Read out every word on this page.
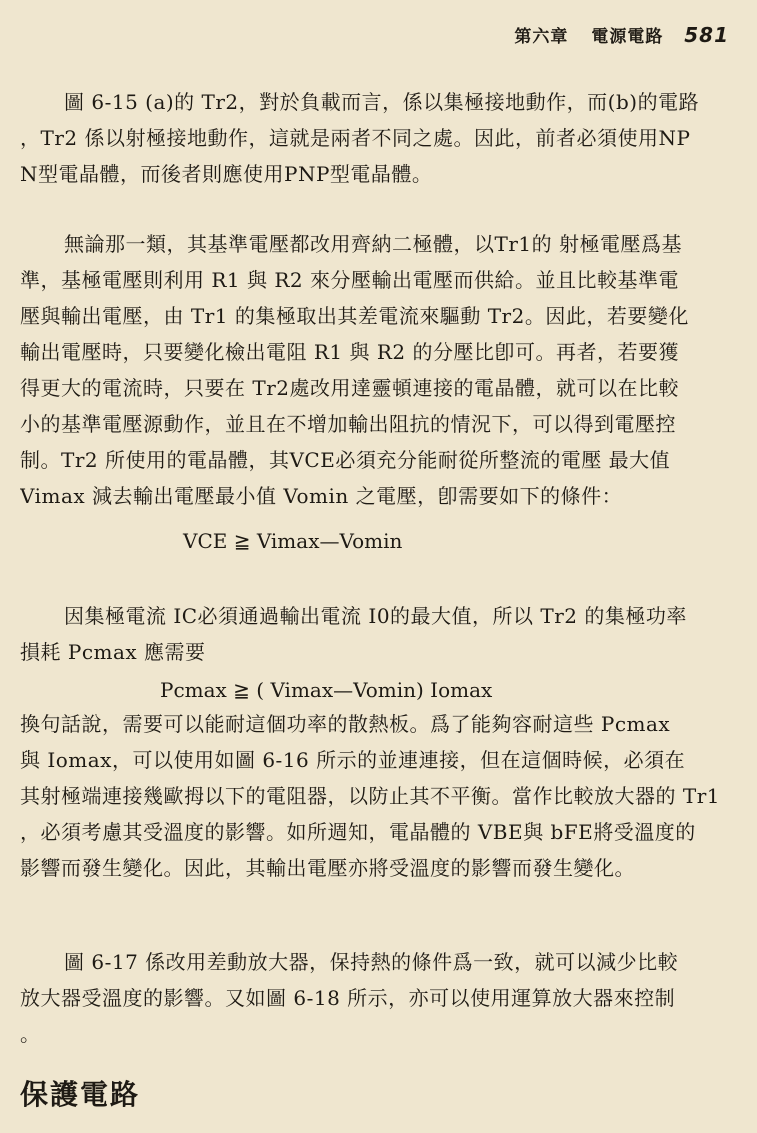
第六章 電源電路 581
圖 6-15 (a)的 Tr2，對於負載而言，係以集極接地動作，而(b)的電路
，Tr2 係以射極接地動作，這就是兩者不同之處。因此，前者必須使用NP
N型電晶體，而後者則應使用PNP型電晶體。
無論那一類，其基準電壓都改用齊納二極體，以Tr1的 射極電壓爲基
準，基極電壓則利用 R1 與 R2 來分壓輸出電壓而供給。並且比較基準電
壓與輸出電壓，由 Tr1 的集極取出其差電流來驅動 Tr2。因此，若要變化
輸出電壓時，只要變化檢出電阻 R1 與 R2 的分壓比卽可。再者，若要獲
得更大的電流時，只要在 Tr2處改用達靈頓連接的電晶體，就可以在比較
小的基準電壓源動作，並且在不增加輸出阻抗的情況下，可以得到電壓控
制。Tr2 所使用的電晶體，其VCE必須充分能耐從所整流的電壓 最大值
Vimax 減去輸出電壓最小值 Vomin 之電壓，卽需要如下的條件：
VCE ≧ Vimax—Vomin
因集極電流 IC必須通過輸出電流 I0的最大值，所以 Tr2 的集極功率
損耗 Pcmax 應需要
Pcmax ≧ ( Vimax—Vomin) Iomax
換句話說，需要可以能耐這個功率的散熱板。爲了能夠容耐這些 Pcmax
與 Iomax，可以使用如圖 6-16 所示的並連連接，但在這個時候，必須在
其射極端連接幾歐拇以下的電阻器，以防止其不平衡。當作比較放大器的 Tr1
，必須考慮其受溫度的影響。如所週知，電晶體的 VBE與 bFE將受溫度的
影響而發生變化。因此，其輸出電壓亦將受溫度的影響而發生變化。
圖 6-17 係改用差動放大器，保持熱的條件爲一致，就可以減少比較
放大器受溫度的影響。又如圖 6-18 所示，亦可以使用運算放大器來控制
。
保護電路
